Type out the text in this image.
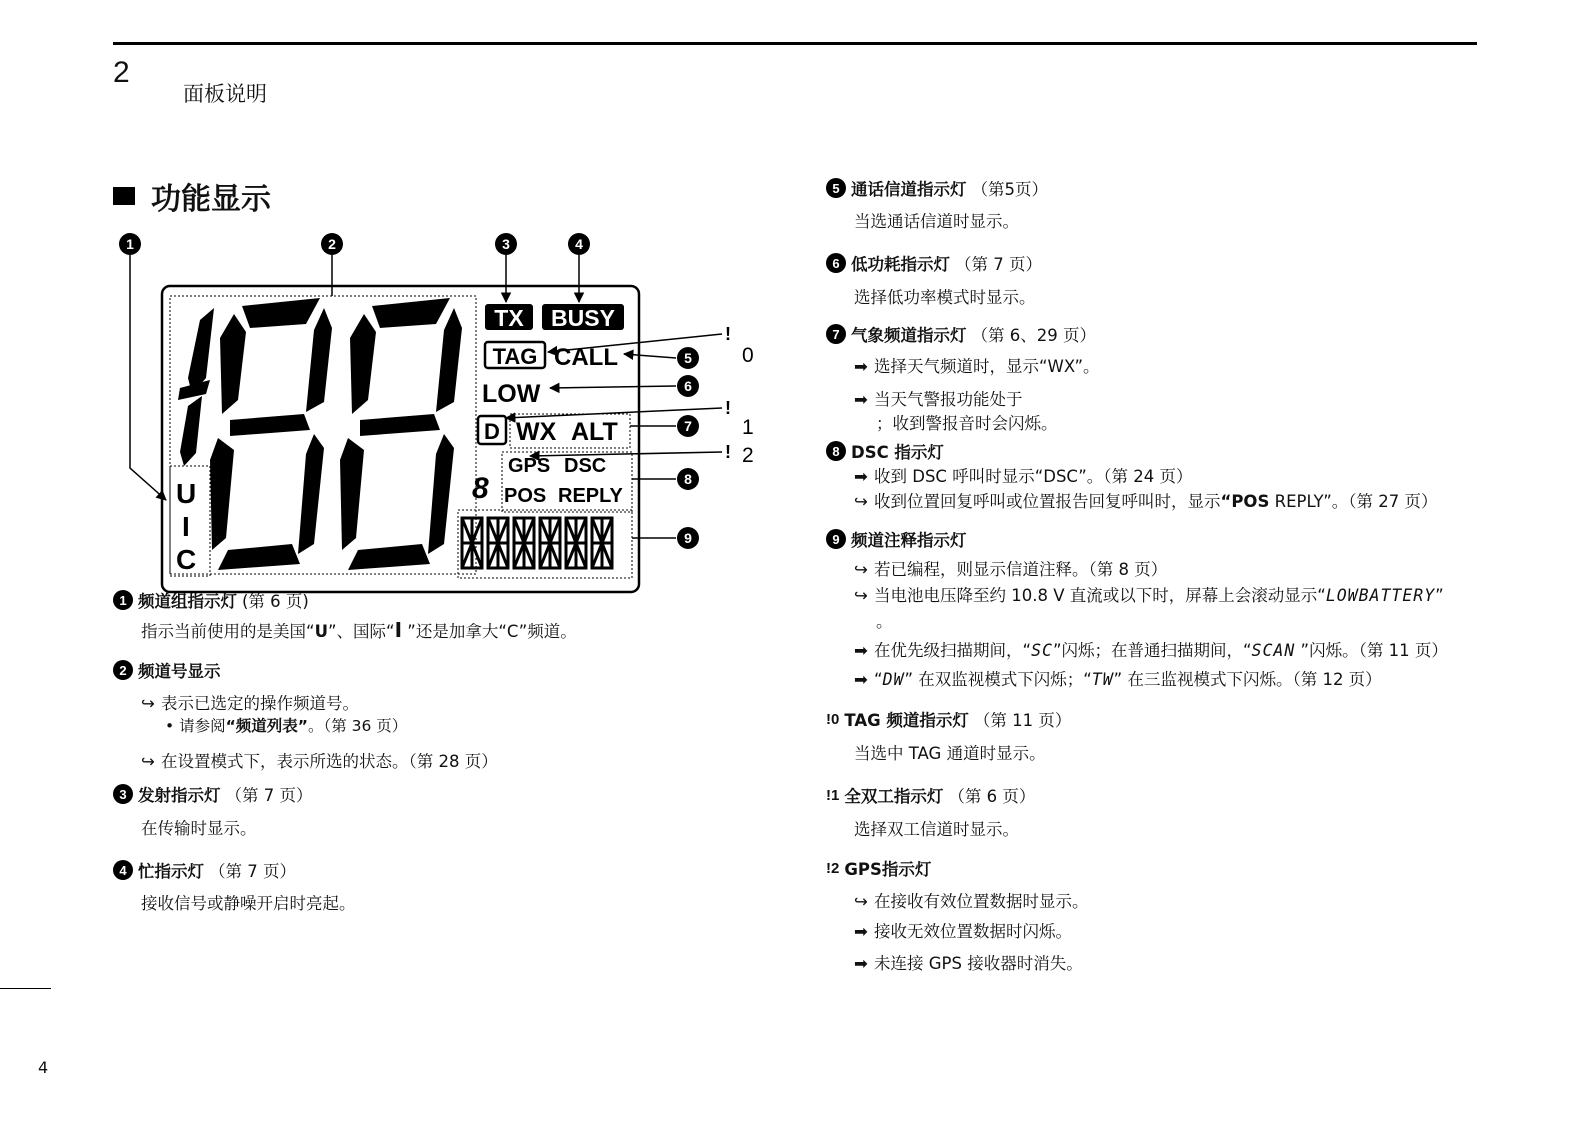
2
面板说明
功能显示
TX BUSY
TAG CALL
LOW
D WX ALT
8
GPS DSC
POS REPLY
U
I
C
1	2	3	4
5
6
7
8
9
!
0
!
1
! 2
1 频道组指示灯 (第 6 页)
指示当前使用的是美国“U”、国际“I ”还是加拿大“C”频道。
2 频道号显示
↪ 表示已选定的操作频道号。
• 请参阅“频道列表”。（第 36 页）
↪ 在设置模式下，表示所选的状态。（第 28 页）
3 发射指示灯 （第 7 页）
在传输时显示。
4 忙指示灯 （第 7 页）
接收信号或静噪开启时亮起。
5 通话信道指示灯 （第5页）
当选通话信道时显示。
6 低功耗指示灯 （第 7 页）
选择低功率模式时显示。
7 气象频道指示灯 （第 6、29 页）
➡ 选择天气频道时，显示“WX”。
➡ 当天气警报功能处于
；收到警报音时会闪烁。
8 DSC 指示灯
➡ 收到 DSC 呼叫时显示“DSC”。（第 24 页）
↪ 收到位置回复呼叫或位置报告回复呼叫时，显示“POS REPLY”。（第 27 页）
9 频道注释指示灯
↪ 若已编程，则显示信道注释。（第 8 页）
↪ 当电池电压降至约 10.8 V 直流或以下时，屏幕上会滚动显示“LOWBATTERY”
。
➡ 在优先级扫描期间，“SC”闪烁；在普通扫描期间，“SCAN ”闪烁。（第 11 页）
➡ “DW” 在双监视模式下闪烁；“TW” 在三监视模式下闪烁。（第 12 页）
!0 TAG 频道指示灯 （第 11 页）
当选中 TAG 通道时显示。
!1 全双工指示灯 （第 6 页）
选择双工信道时显示。
!2 GPS指示灯
↪ 在接收有效位置数据时显示。
➡ 接收无效位置数据时闪烁。
➡ 未连接 GPS 接收器时消失。
4
